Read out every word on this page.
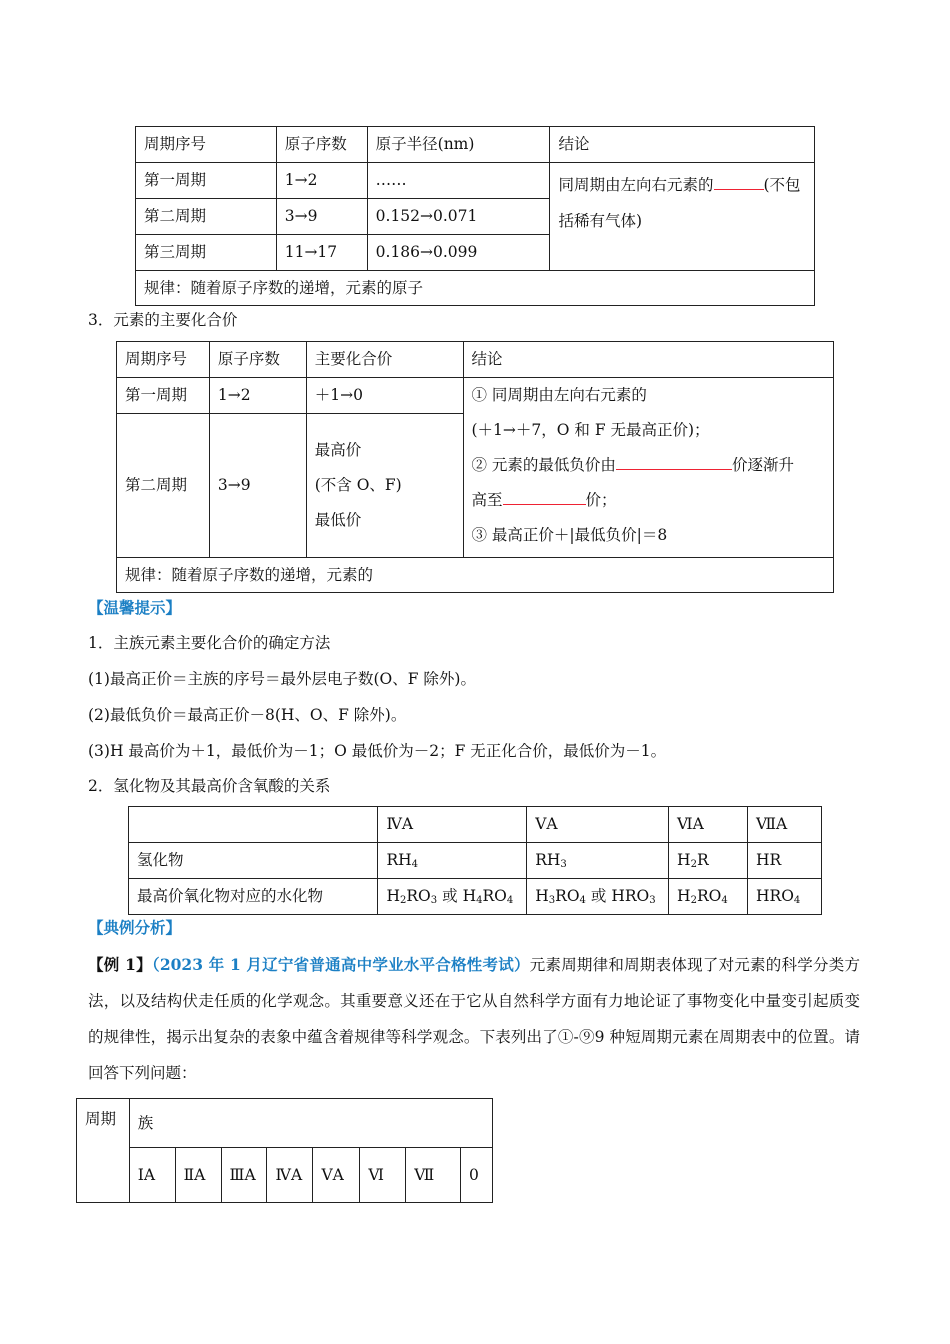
周期序号	原子序数	原子半径(nm)	结论
第一周期	1→2	……	同周期由左向右元素的 (不包括稀有气体)
第二周期	3→9	0.152→0.071	
第三周期	11→17	0.186→0.099	
规律：随着原子序数的递增，元素的原子			
3．元素的主要化合价
周期序号	原子序数	主要化合价	结论
第一周期	1→2	＋1→0	① 同周期由左向右元素的
(＋1→＋7，O 和 F 无最高正价)；
② 元素的最低负价由 价逐渐升
高至 价；
③ 最高正价＋|最低负价|＝8

第二周期	3→9	最高价
(不含 O、F)
最低价	

规律：随着原子序数的递增，元素的			
【温馨提示】
1．主族元素主要化合价的确定方法
(1)最高正价＝主族的序号＝最外层电子数(O、F 除外)。
(2)最低负价＝最高正价－8(H、O、F 除外)。
(3)H 最高价为＋1，最低价为－1；O 最低价为－2；F 无正化合价，最低价为－1。
2．氢化物及其最高价含氧酸的关系
	ⅣA	ⅤA	ⅥA	ⅦA
氢化物	$RH_4$	$RH_3$	$H_2R$	HR
最高价氧化物对应的水化物	$H_2RO_3$ 或 $H_4RO_4$	$H_3RO_4$ 或 $HRO_3$	$H_2RO_4$	$HRO_4$
【典例分析】
【例 1】（2023 年 1 月辽宁省普通高中学业水平合格性考试）元素周期律和周期表体现了对元素的科学分类方法，以及结构伏走任质的化学观念。其重要意义还在于它从自然科学方面有力地论证了事物变化中量变引起质变的规律性，揭示出复杂的表象中蕴含着规律等科学观念。下表列出了①-⑨9 种短周期元素在周期表中的位置。请回答下列问题：
周期	族							
	ⅠA	ⅡA	ⅢA	ⅣA	ⅤA	Ⅵ	Ⅶ	0
